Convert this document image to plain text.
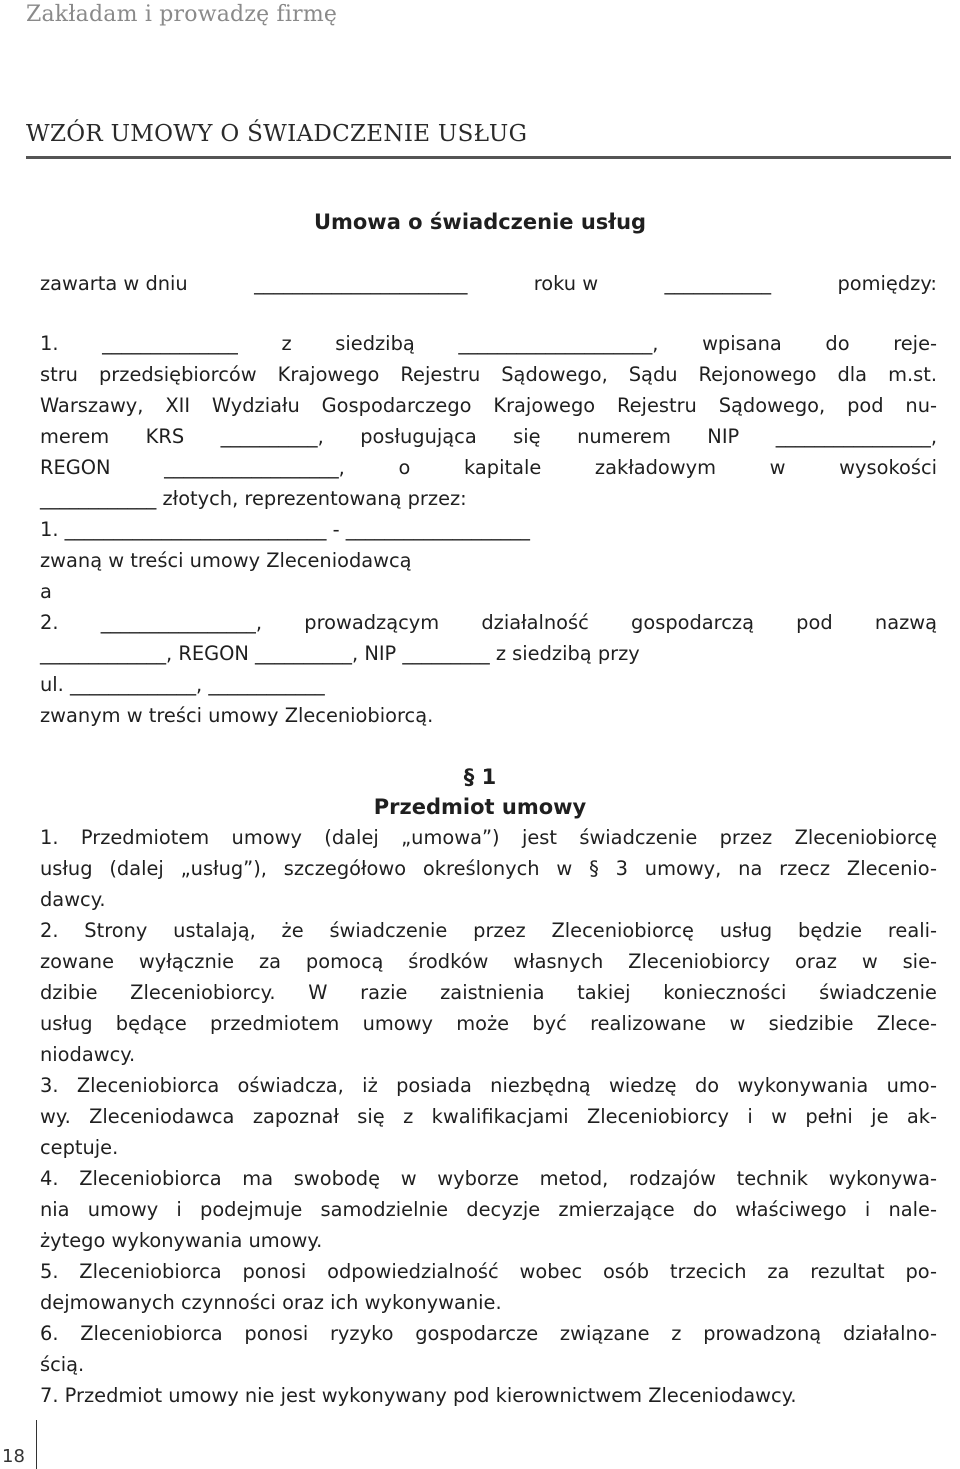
Zakładam i prowadzę firmę
WZÓR UMOWY O ŚWIADCZENIE USŁUG
Umowa o świadczenie usług
zawarta w dniu	______________________	roku w	___________	pomiędzy:
1. ______________ z siedzibą ____________________, wpisana do reje-
stru przedsiębiorców Krajowego Rejestru Sądowego, Sądu Rejonowego dla m.st.
Warszawy, XII Wydziału Gospodarczego Krajowego Rejestru Sądowego, pod nu-
merem KRS __________, posługująca się numerem NIP ________________,
REGON __________________, o kapitale zakładowym w wysokości
____________ złotych, reprezentowaną przez:
1. ___________________________ - ___________________
zwaną w treści umowy Zleceniodawcą
a
2. ________________, prowadzącym działalność gospodarczą pod nazwą
_____________, REGON __________, NIP _________ z siedzibą przy
ul. _____________, ____________
zwanym w treści umowy Zleceniobiorcą.
§ 1
Przedmiot umowy
1. Przedmiotem umowy (dalej „umowa”) jest świadczenie przez Zleceniobiorcę
usług (dalej „usług”), szczegółowo określonych w § 3 umowy, na rzecz Zlecenio-
dawcy.
2. Strony ustalają, że świadczenie przez Zleceniobiorcę usług będzie reali-
zowane wyłącznie za pomocą środków własnych Zleceniobiorcy oraz w sie-
dzibie Zleceniobiorcy. W razie zaistnienia takiej konieczności świadczenie
usług będące przedmiotem umowy może być realizowane w siedzibie Zlece-
niodawcy.
3. Zleceniobiorca oświadcza, iż posiada niezbędną wiedzę do wykonywania umo-
wy. Zleceniodawca zapoznał się z kwalifikacjami Zleceniobiorcy i w pełni je ak-
ceptuje.
4. Zleceniobiorca ma swobodę w wyborze metod, rodzajów technik wykonywa-
nia umowy i podejmuje samodzielnie decyzje zmierzające do właściwego i nale-
żytego wykonywania umowy.
5. Zleceniobiorca ponosi odpowiedzialność wobec osób trzecich za rezultat po-
dejmowanych czynności oraz ich wykonywanie.
6. Zleceniobiorca ponosi ryzyko gospodarcze związane z prowadzoną działalno-
ścią.
7. Przedmiot umowy nie jest wykonywany pod kierownictwem Zleceniodawcy.
18
